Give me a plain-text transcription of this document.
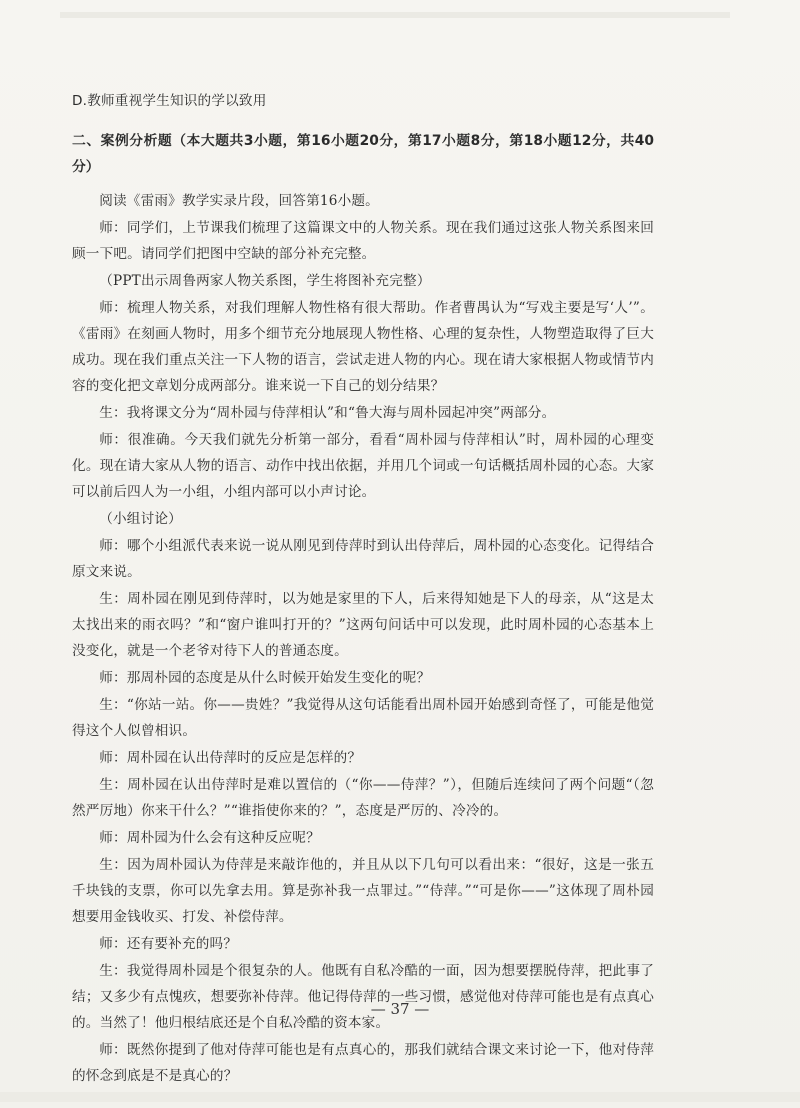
D.教师重视学生知识的学以致用
二、案例分析题（本大题共3小题，第16小题20分，第17小题8分，第18小题12分，共40分）
阅读《雷雨》教学实录片段，回答第16小题。
师：同学们，上节课我们梳理了这篇课文中的人物关系。现在我们通过这张人物关系图来回顾一下吧。请同学们把图中空缺的部分补充完整。
（PPT出示周鲁两家人物关系图，学生将图补充完整）
师：梳理人物关系，对我们理解人物性格有很大帮助。作者曹禺认为“写戏主要是写‘人’”。《雷雨》在刻画人物时，用多个细节充分地展现人物性格、心理的复杂性，人物塑造取得了巨大成功。现在我们重点关注一下人物的语言，尝试走进人物的内心。现在请大家根据人物或情节内容的变化把文章划分成两部分。谁来说一下自己的划分结果？
生：我将课文分为“周朴园与侍萍相认”和“鲁大海与周朴园起冲突”两部分。
师：很准确。今天我们就先分析第一部分，看看“周朴园与侍萍相认”时，周朴园的心理变化。现在请大家从人物的语言、动作中找出依据，并用几个词或一句话概括周朴园的心态。大家可以前后四人为一小组，小组内部可以小声讨论。
（小组讨论）
师：哪个小组派代表来说一说从刚见到侍萍时到认出侍萍后，周朴园的心态变化。记得结合原文来说。
生：周朴园在刚见到侍萍时，以为她是家里的下人，后来得知她是下人的母亲，从“这是太太找出来的雨衣吗？”和“窗户谁叫打开的？”这两句问话中可以发现，此时周朴园的心态基本上没变化，就是一个老爷对待下人的普通态度。
师：那周朴园的态度是从什么时候开始发生变化的呢？
生：“你站一站。你——贵姓？”我觉得从这句话能看出周朴园开始感到奇怪了，可能是他觉得这个人似曾相识。
师：周朴园在认出侍萍时的反应是怎样的？
生：周朴园在认出侍萍时是难以置信的（“你——侍萍？”），但随后连续问了两个问题“（忽然严厉地）你来干什么？”“谁指使你来的？”，态度是严厉的、冷冷的。
师：周朴园为什么会有这种反应呢？
生：因为周朴园认为侍萍是来敲诈他的，并且从以下几句可以看出来：“很好，这是一张五千块钱的支票，你可以先拿去用。算是弥补我一点罪过。”“侍萍。”“可是你——”这体现了周朴园想要用金钱收买、打发、补偿侍萍。
师：还有要补充的吗？
生：我觉得周朴园是个很复杂的人。他既有自私冷酷的一面，因为想要摆脱侍萍，把此事了结；又多少有点愧疚，想要弥补侍萍。他记得侍萍的一些习惯，感觉他对侍萍可能也是有点真心的。当然了！他归根结底还是个自私冷酷的资本家。
师：既然你提到了他对侍萍可能也是有点真心的，那我们就结合课文来讨论一下，他对侍萍的怀念到底是不是真心的？
— 37 —
